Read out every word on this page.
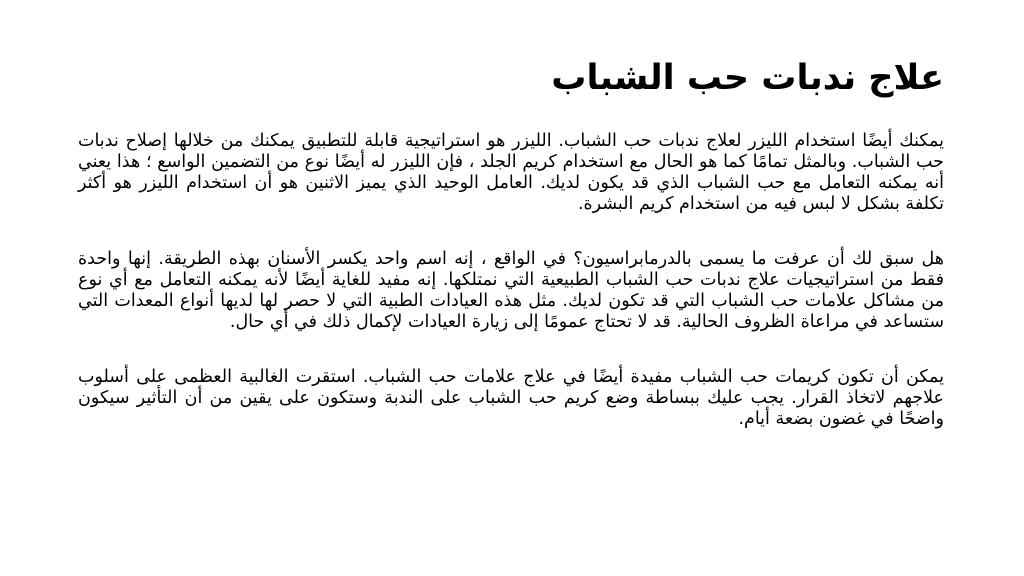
علاج ندبات حب الشباب

يمكنك أيضًا استخدام الليزر لعلاج ندبات حب الشباب. الليزر هو استراتيجية قابلة للتطبيق يمكنك من خلالها إصلاح ندبات حب الشباب. وبالمثل تمامًا كما هو الحال مع استخدام كريم الجلد ، فإن الليزر له أيضًا نوع من التضمين الواسع ؛ هذا يعني أنه يمكنه التعامل مع حب الشباب الذي قد يكون لديك. العامل الوحيد الذي يميز الاثنين هو أن استخدام الليزر هو أكثر تكلفة بشكل لا لبس فيه من استخدام كريم البشرة.

هل سبق لك أن عرفت ما يسمى بالدرمابراسيون؟ في الواقع ، إنه اسم واحد يكسر الأسنان بهذه الطريقة. إنها واحدة فقط من استراتيجيات علاج ندبات حب الشباب الطبيعية التي نمتلكها. إنه مفيد للغاية أيضًا لأنه يمكنه التعامل مع أي نوع من مشاكل علامات حب الشباب التي قد تكون لديك. مثل هذه العيادات الطبية التي لا حصر لها لديها أنواع المعدات التي ستساعد في مراعاة الظروف الحالية. قد لا تحتاج عمومًا إلى زيارة العيادات لإكمال ذلك في أي حال.

يمكن أن تكون كريمات حب الشباب مفيدة أيضًا في علاج علامات حب الشباب. استقرت الغالبية العظمى على أسلوب علاجهم لاتخاذ القرار. يجب عليك ببساطة وضع كريم حب الشباب على الندبة وستكون على يقين من أن التأثير سيكون واضحًا في غضون بضعة أيام.
